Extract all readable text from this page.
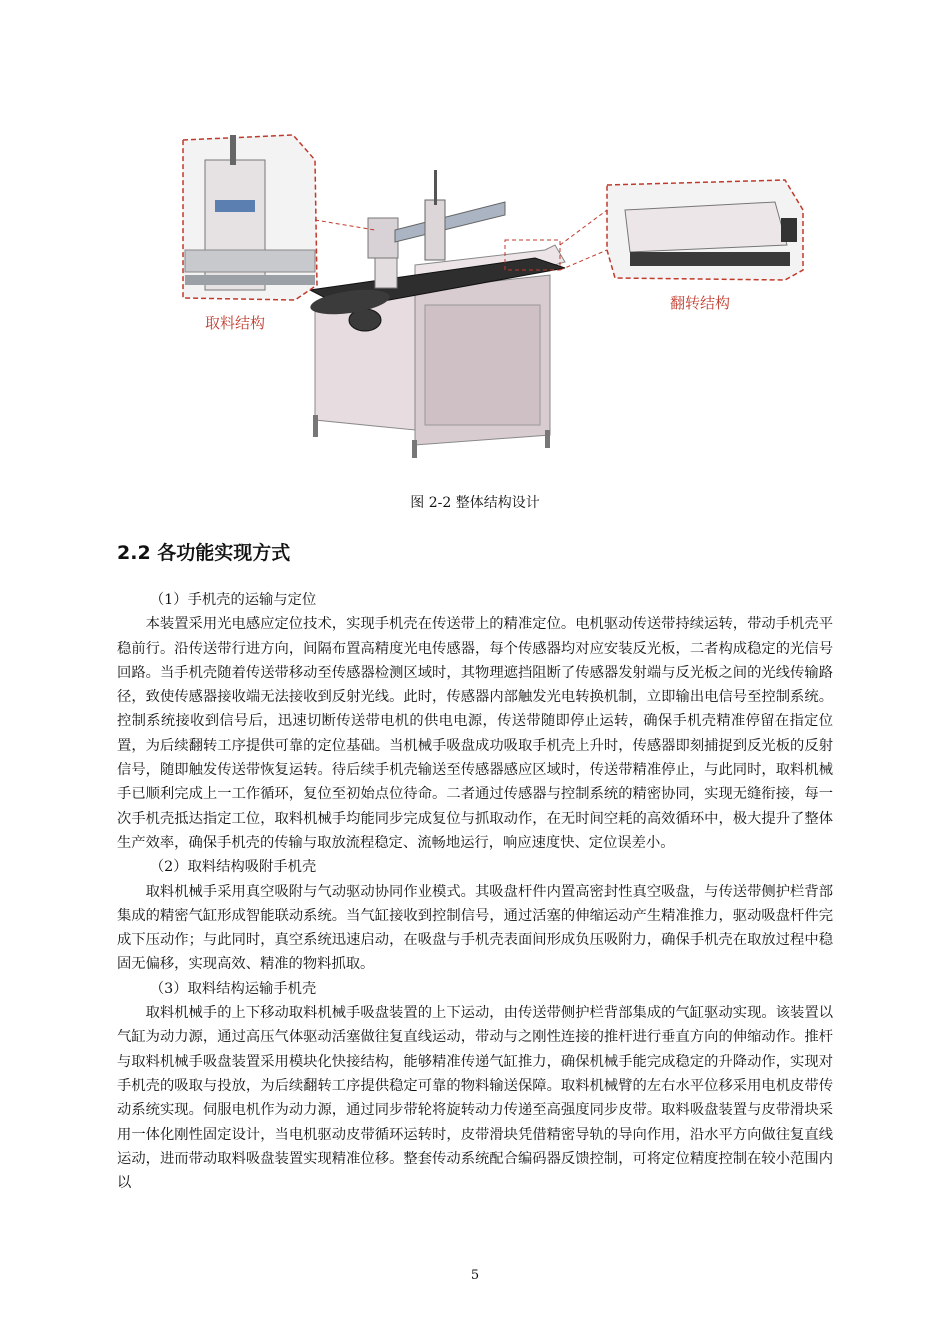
取料结构
翻转结构
图 2-2 整体结构设计
2.2 各功能实现方式

（1）手机壳的运输与定位

本装置采用光电感应定位技术，实现手机壳在传送带上的精准定位。电机驱动传送带持续运转，带动手机壳平稳前行。沿传送带行进方向，间隔布置高精度光电传感器，每个传感器均对应安装反光板，二者构成稳定的光信号回路。当手机壳随着传送带移动至传感器检测区域时，其物理遮挡阻断了传感器发射端与反光板之间的光线传输路径，致使传感器接收端无法接收到反射光线。此时，传感器内部触发光电转换机制，立即输出电信号至控制系统。控制系统接收到信号后，迅速切断传送带电机的供电电源，传送带随即停止运转，确保手机壳精准停留在指定位置，为后续翻转工序提供可靠的定位基础。当机械手吸盘成功吸取手机壳上升时，传感器即刻捕捉到反光板的反射信号，随即触发传送带恢复运转。待后续手机壳输送至传感器感应区域时，传送带精准停止，与此同时，取料机械手已顺利完成上一工作循环，复位至初始点位待命。二者通过传感器与控制系统的精密协同，实现无缝衔接，每一次手机壳抵达指定工位，取料机械手均能同步完成复位与抓取动作，在无时间空耗的高效循环中，极大提升了整体生产效率，确保手机壳的传输与取放流程稳定、流畅地运行，响应速度快、定位误差小。

（2）取料结构吸附手机壳

取料机械手采用真空吸附与气动驱动协同作业模式。其吸盘杆件内置高密封性真空吸盘，与传送带侧护栏背部集成的精密气缸形成智能联动系统。当气缸接收到控制信号，通过活塞的伸缩运动产生精准推力，驱动吸盘杆件完成下压动作；与此同时，真空系统迅速启动，在吸盘与手机壳表面间形成负压吸附力，确保手机壳在取放过程中稳固无偏移，实现高效、精准的物料抓取。

（3）取料结构运输手机壳

取料机械手的上下移动取料机械手吸盘装置的上下运动，由传送带侧护栏背部集成的气缸驱动实现。该装置以气缸为动力源，通过高压气体驱动活塞做往复直线运动，带动与之刚性连接的推杆进行垂直方向的伸缩动作。推杆与取料机械手吸盘装置采用模块化快接结构，能够精准传递气缸推力，确保机械手能完成稳定的升降动作，实现对手机壳的吸取与投放，为后续翻转工序提供稳定可靠的物料输送保障。取料机械臂的左右水平位移采用电机皮带传动系统实现。伺服电机作为动力源，通过同步带轮将旋转动力传递至高强度同步皮带。取料吸盘装置与皮带滑块采用一体化刚性固定设计，当电机驱动皮带循环运转时，皮带滑块凭借精密导轨的导向作用，沿水平方向做往复直线运动，进而带动取料吸盘装置实现精准位移。整套传动系统配合编码器反馈控制，可将定位精度控制在较小范围内以

5
